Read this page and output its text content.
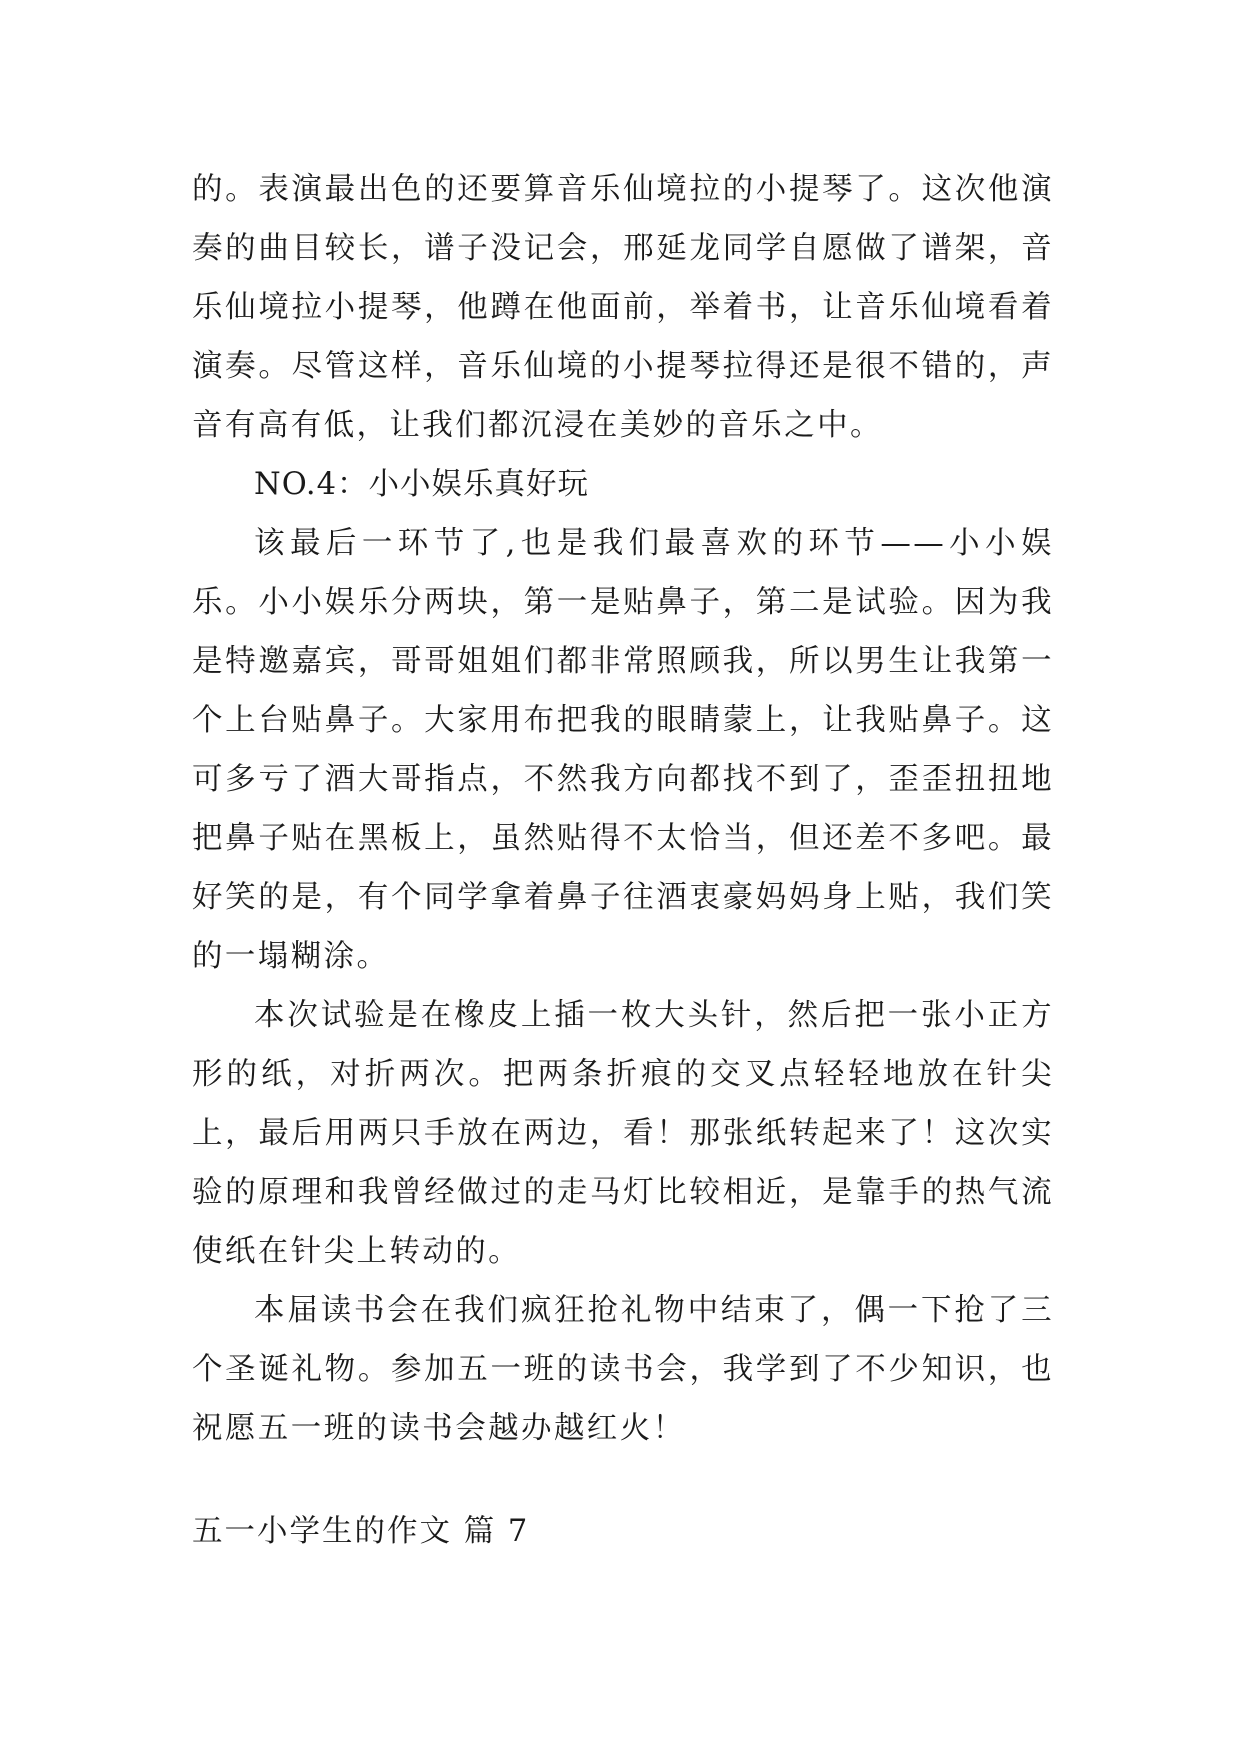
的。表演最出色的还要算音乐仙境拉的小提琴了。这次他演奏的曲目较长，谱子没记会，邢延龙同学自愿做了谱架，音乐仙境拉小提琴，他蹲在他面前，举着书，让音乐仙境看着演奏。尽管这样，音乐仙境的小提琴拉得还是很不错的，声音有高有低，让我们都沉浸在美妙的音乐之中。

NO.4：小小娱乐真好玩

该最后一环节了,也是我们最喜欢的环节——小小娱乐。小小娱乐分两块，第一是贴鼻子，第二是试验。因为我是特邀嘉宾，哥哥姐姐们都非常照顾我，所以男生让我第一个上台贴鼻子。大家用布把我的眼睛蒙上，让我贴鼻子。这可多亏了酒大哥指点，不然我方向都找不到了，歪歪扭扭地把鼻子贴在黑板上，虽然贴得不太恰当，但还差不多吧。最好笑的是，有个同学拿着鼻子往酒衷豪妈妈身上贴，我们笑的一塌糊涂。

本次试验是在橡皮上插一枚大头针，然后把一张小正方形的纸，对折两次。把两条折痕的交叉点轻轻地放在针尖上，最后用两只手放在两边，看！那张纸转起来了！这次实验的原理和我曾经做过的走马灯比较相近，是靠手的热气流使纸在针尖上转动的。

本届读书会在我们疯狂抢礼物中结束了，偶一下抢了三个圣诞礼物。参加五一班的读书会，我学到了不少知识，也祝愿五一班的读书会越办越红火！

五一小学生的作文 篇 7
